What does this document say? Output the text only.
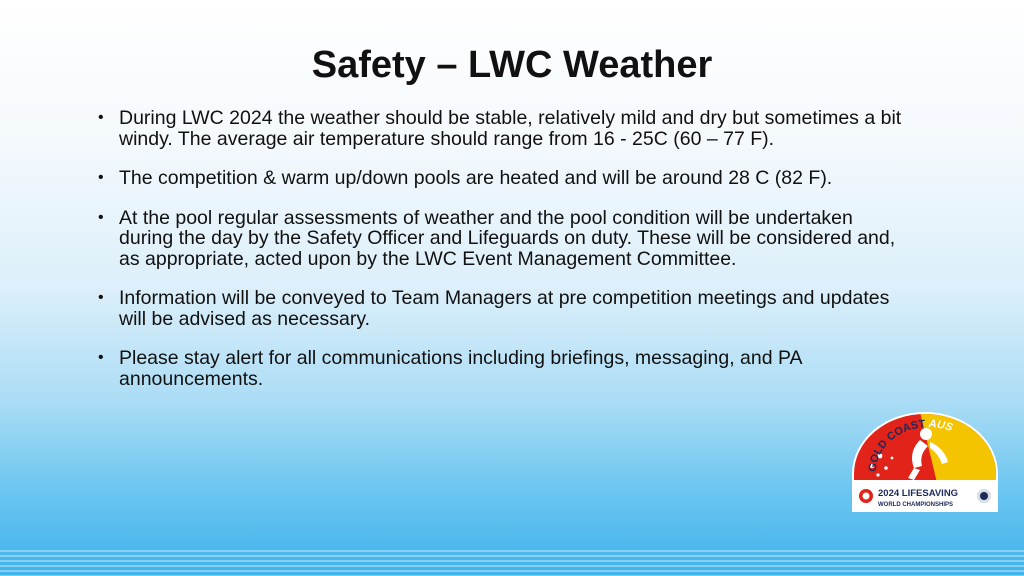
Safety – LWC Weather
• During LWC 2024 the weather should be stable, relatively mild and dry but sometimes a bit windy. The average air temperature should range from 16 - 25C (60 – 77 F).
• The competition & warm up/down pools are heated and will be around 28 C (82 F).
• At the pool regular assessments of weather and the pool condition will be undertaken during the day by the Safety Officer and Lifeguards on duty. These will be considered and, as appropriate, acted upon by the LWC Event Management Committee.
• Information will be conveyed to Team Managers at pre competition meetings and updates will be advised as necessary.
• Please stay alert for all communications including briefings, messaging, and PA announcements.
GOLD COAST AUS
2024 LIFESAVING
WORLD CHAMPIONSHIPS
